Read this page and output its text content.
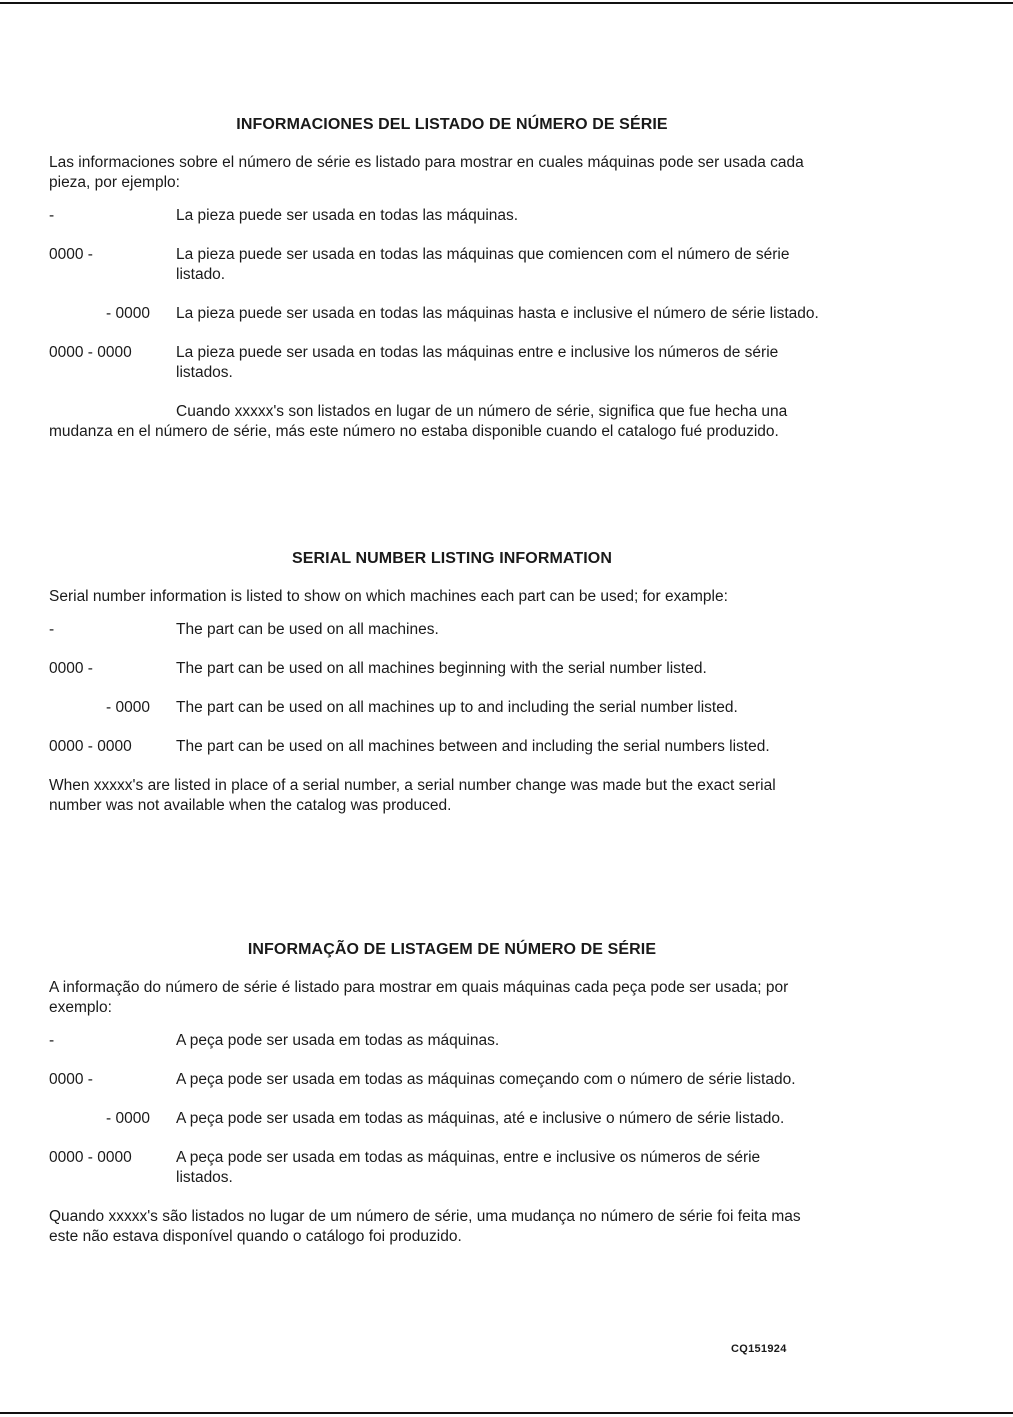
INFORMACIONES DEL LISTADO DE NÚMERO DE SÉRIE

Las informaciones sobre el número de série es listado para mostrar en cuales máquinas pode ser usada cada pieza, por ejemplo:

-	La pieza puede ser usada en todas las máquinas.
0000 -	La pieza puede ser usada en todas las máquinas que comiencen com el número de série listado.
- 0000 La pieza puede ser usada en todas las máquinas hasta e inclusive el número de série listado.
0000 - 0000	La pieza puede ser usada en todas las máquinas entre e inclusive los números de série listados.

Cuando xxxxx's son listados en lugar de un número de série, significa que fue hecha una mudanza en el número de série, más este número no estaba disponible cuando el catalogo fué produzido.

SERIAL NUMBER LISTING INFORMATION

Serial number information is listed to show on which machines each part can be used; for example:

-	The part can be used on all machines.
0000 -	The part can be used on all machines beginning with the serial number listed.
- 0000 The part can be used on all machines up to and including the serial number listed.
0000 - 0000	The part can be used on all machines between and including the serial numbers listed.

When xxxxx's are listed in place of a serial number, a serial number change was made but the exact serial number was not available when the catalog was produced.

INFORMAÇÃO DE LISTAGEM DE NÚMERO DE SÉRIE

A informação do número de série é listado para mostrar em quais máquinas cada peça pode ser usada; por exemplo:

-	A peça pode ser usada em todas as máquinas.
0000 -	A peça pode ser usada em todas as máquinas começando com o número de série listado.
- 0000 A peça pode ser usada em todas as máquinas, até e inclusive o número de série listado.
0000 - 0000	A peça pode ser usada em todas as máquinas, entre e inclusive os números de série listados.

Quando xxxxx's são listados no lugar de um número de série, uma mudança no número de série foi feita mas este não estava disponível quando o catálogo foi produzido.

CQ151924
